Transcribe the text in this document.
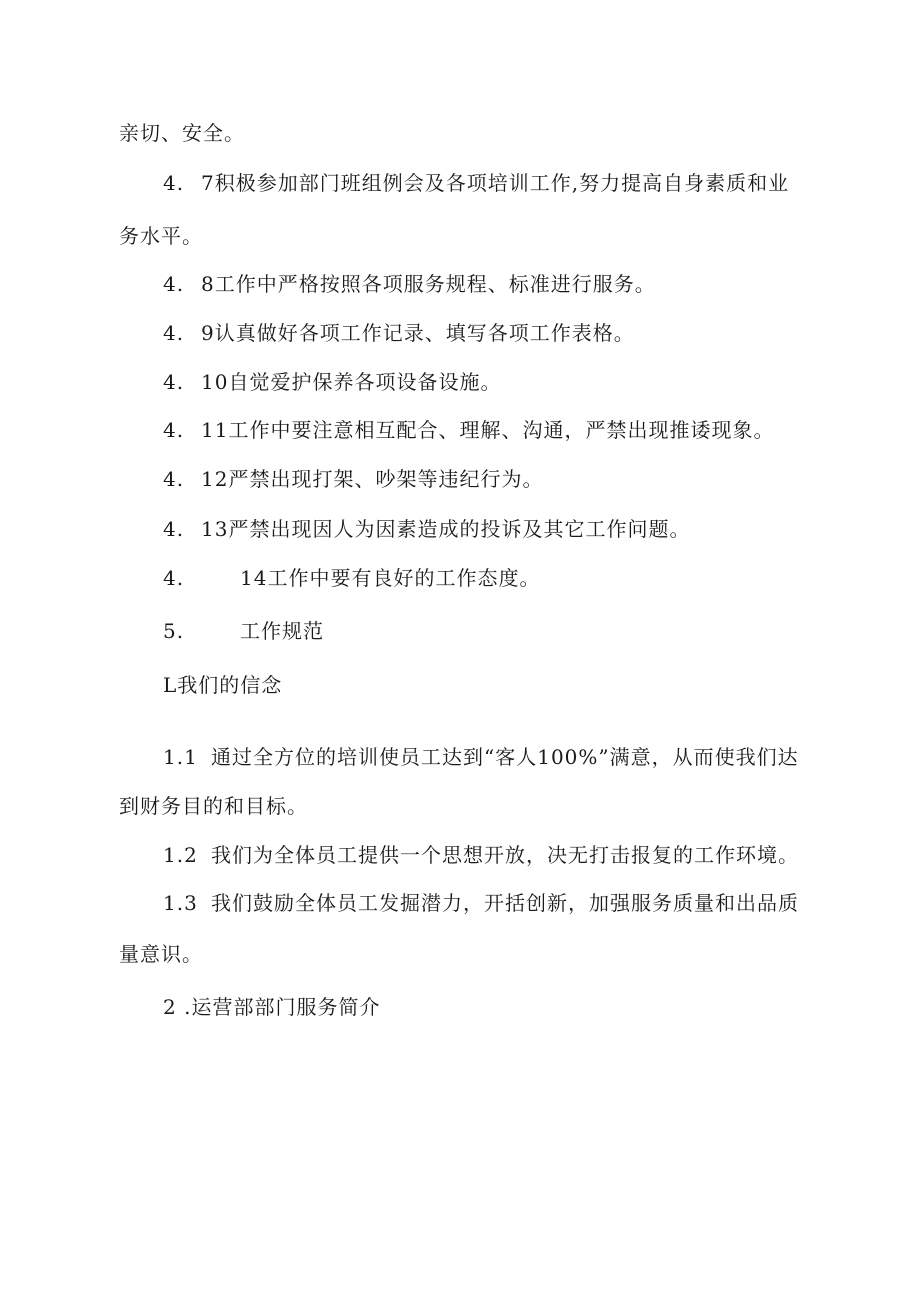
亲切、安全。
4. 7积极参加部门班组例会及各项培训工作,努力提高自身素质和业
务水平。
4. 8工作中严格按照各项服务规程、标准进行服务。
4. 9认真做好各项工作记录、填写各项工作表格。
4. 10自觉爱护保养各项设备设施。
4. 11工作中要注意相互配合、理解、沟通，严禁出现推诿现象。
4. 12严禁出现打架、吵架等违纪行为。
4. 13严禁出现因人为因素造成的投诉及其它工作问题。
4.	14工作中要有良好的工作态度。
5.	工作规范
L我们的信念
1.1 通过全方位的培训使员工达到“客人100%”满意，从而使我们达
到财务目的和目标。
1.2 我们为全体员工提供一个思想开放，决无打击报复的工作环境。
1.3 我们鼓励全体员工发掘潜力，开括创新，加强服务质量和出品质
量意识。
2 .运营部部门服务简介
